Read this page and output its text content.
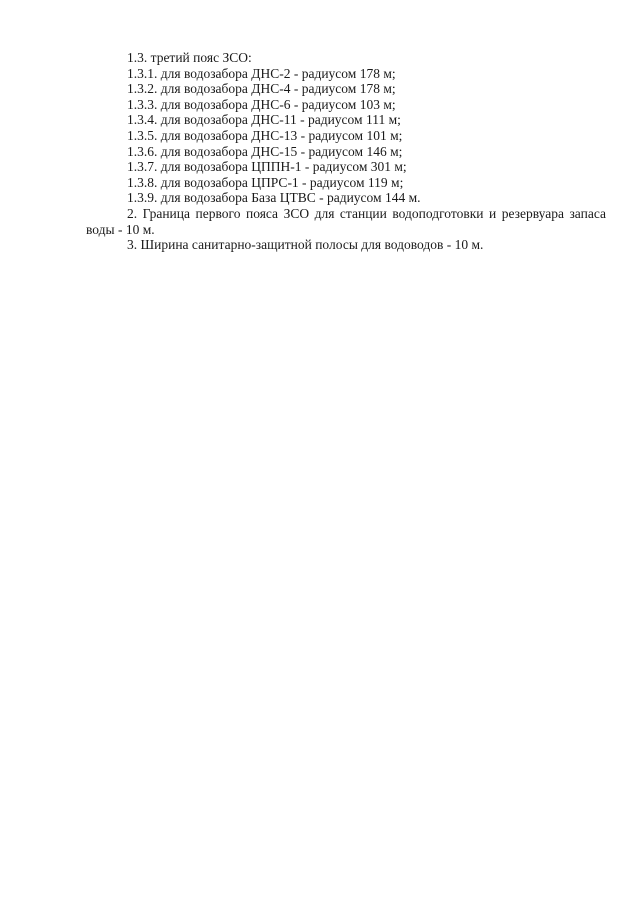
1.3. третий пояс ЗСО:

1.3.1. для водозабора ДНС-2 - радиусом 178 м;

1.3.2. для водозабора ДНС-4 - радиусом 178 м;

1.3.3. для водозабора ДНС-6 - радиусом 103 м;

1.3.4. для водозабора ДНС-11 - радиусом 111 м;

1.3.5. для водозабора ДНС-13 - радиусом 101 м;

1.3.6. для водозабора ДНС-15 - радиусом 146 м;

1.3.7. для водозабора ЦППН-1 - радиусом 301 м;

1.3.8. для водозабора ЦПРС-1 - радиусом 119 м;

1.3.9. для водозабора База ЦТВС - радиусом 144 м.

2. Граница первого пояса ЗСО для станции водоподготовки и резервуара запаса воды - 10 м.

3. Ширина санитарно-защитной полосы для водоводов - 10 м.
